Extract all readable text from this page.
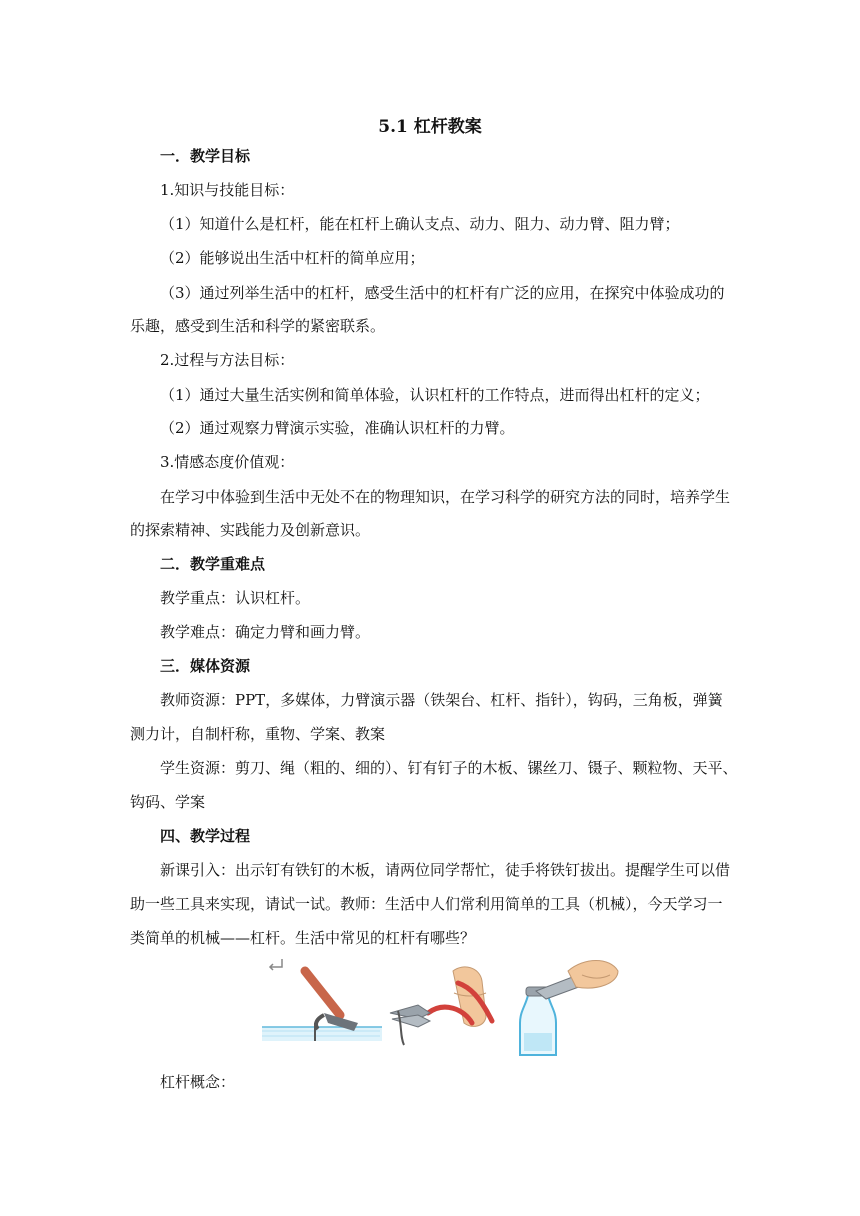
5.1 杠杆教案
一．教学目标
1.知识与技能目标：
（1）知道什么是杠杆，能在杠杆上确认支点、动力、阻力、动力臂、阻力臂；
（2）能够说出生活中杠杆的简单应用；
（3）通过列举生活中的杠杆，感受生活中的杠杆有广泛的应用，在探究中体验成功的
乐趣，感受到生活和科学的紧密联系。
2.过程与方法目标：
（1）通过大量生活实例和简单体验，认识杠杆的工作特点，进而得出杠杆的定义；
（2）通过观察力臂演示实验，准确认识杠杆的力臂。
3.情感态度价值观：
在学习中体验到生活中无处不在的物理知识，在学习科学的研究方法的同时，培养学生
的探索精神、实践能力及创新意识。
二．教学重难点
教学重点：认识杠杆。
教学难点：确定力臂和画力臂。
三．媒体资源
教师资源：PPT，多媒体，力臂演示器（铁架台、杠杆、指针），钩码，三角板，弹簧
测力计，自制杆称，重物、学案、教案
学生资源：剪刀、绳（粗的、细的）、钉有钉子的木板、镙丝刀、镊子、颗粒物、天平、
钩码、学案
四、教学过程
新课引入：出示钉有铁钉的木板，请两位同学帮忙，徒手将铁钉拔出。提醒学生可以借
助一些工具来实现，请试一试。教师：生活中人们常利用简单的工具（机械），今天学习一
类简单的机械——杠杆。生活中常见的杠杆有哪些？
杠杆概念：
